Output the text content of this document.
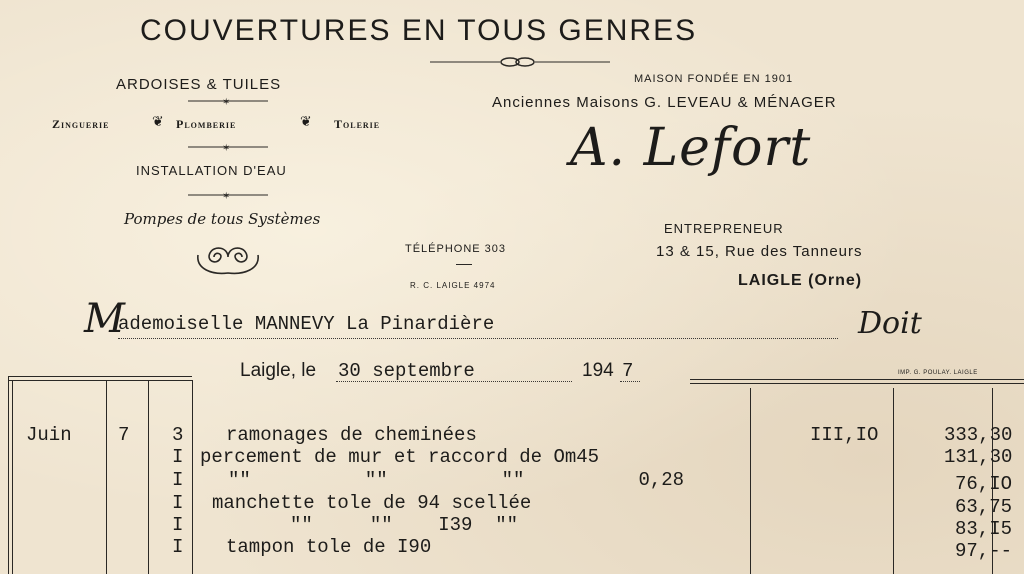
COUVERTURES EN TOUS GENRES
ARDOISES & TUILES
✶
Zinguerie	❦ Plomberie	❦ Tolerie
✶
INSTALLATION D'EAU
✶
Pompes de tous Systèmes
TÉLÉPHONE 303
R. C. LAIGLE 4974
MAISON FONDÉE EN 1901
Anciennes Maisons G. LEVEAU & MÉNAGER
A. Lefort
ENTREPRENEUR
13 & 15, Rue des Tanneurs
LAIGLE (Orne)
M
ademoiselle MANNEVY La Pinardière	Doit
Laigle, le 30 septembre	194 7	IMP. G. POULAY. LAIGLE
Juin 7 3 ramonages de cheminées	III,IO	333,30
I percement de mur et raccord de Om45	131,30
I ""          ""          ""          0,28	76,IO
I manchette tole de 94 scellée	63,75
I	""     ""    I39  ""	83,I5
I tampon tole de I90	97,--
